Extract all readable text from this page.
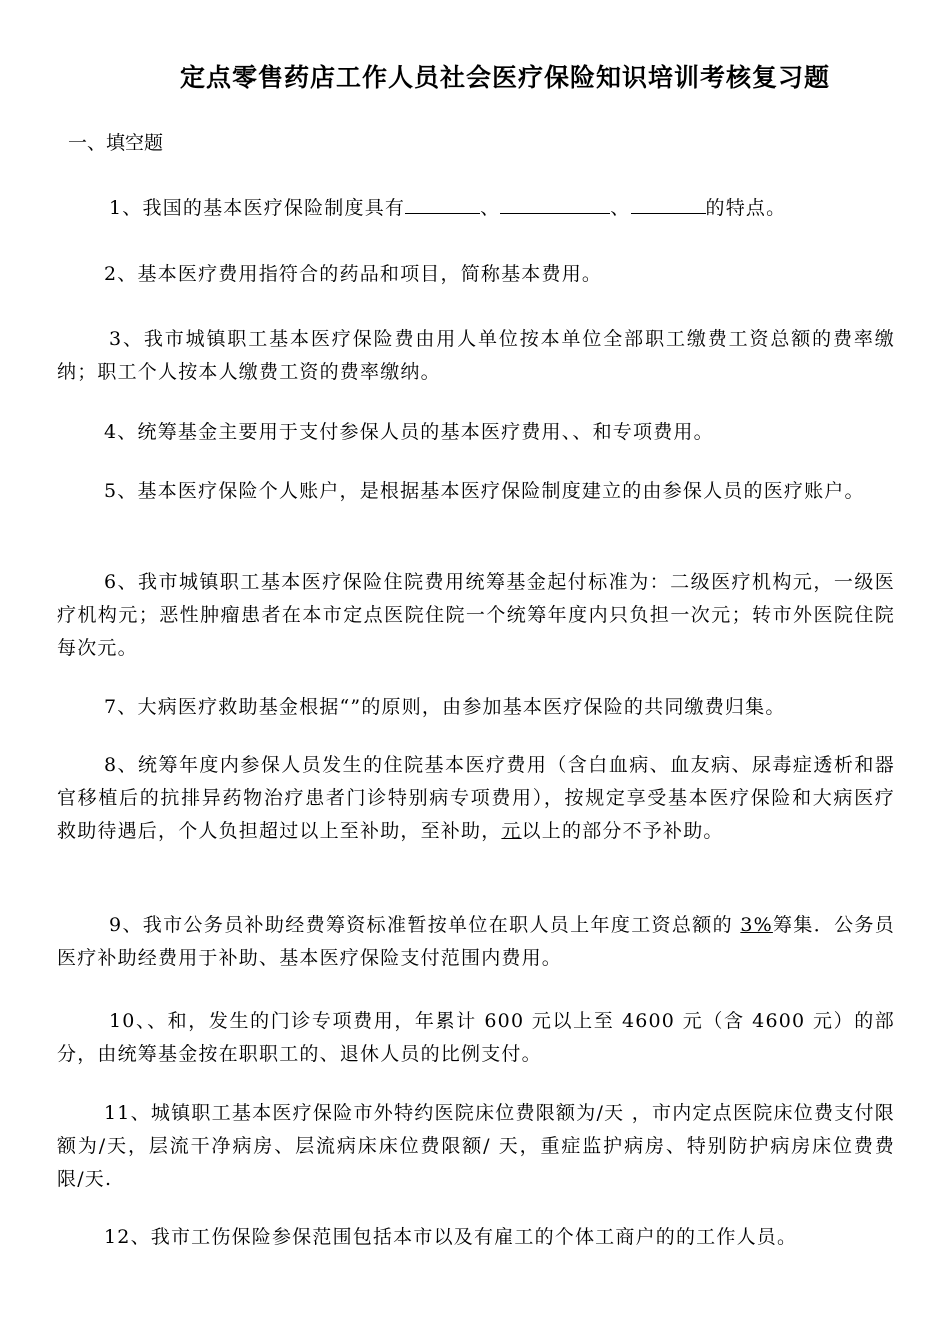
定点零售药店工作人员社会医疗保险知识培训考核复习题
一、填空题

1、我国的基本医疗保险制度具有	、	、	的特点。

2、基本医疗费用指符合的药品和项目，简称基本费用。

3、我市城镇职工基本医疗保险费由用人单位按本单位全部职工缴费工资总额的费率缴纳；职工个人按本人缴费工资的费率缴纳。

4、统筹基金主要用于支付参保人员的基本医疗费用、、和专项费用。

5、基本医疗保险个人账户，是根据基本医疗保险制度建立的由参保人员的医疗账户。

6、我市城镇职工基本医疗保险住院费用统筹基金起付标准为：二级医疗机构元，一级医疗机构元；恶性肿瘤患者在本市定点医院住院一个统筹年度内只负担一次元；转市外医院住院每次元。

7、大病医疗救助基金根据“”的原则，由参加基本医疗保险的共同缴费归集。

8、统筹年度内参保人员发生的住院基本医疗费用（含白血病、血友病、尿毒症透析和器官移植后的抗排异药物治疗患者门诊特别病专项费用），按规定享受基本医疗保险和大病医疗救助待遇后，个人负担超过以上至补助，至补助，元以上的部分不予补助。

9、我市公务员补助经费筹资标准暂按单位在职人员上年度工资总额的 3%筹集．公务员医疗补助经费用于补助、基本医疗保险支付范围内费用。

10、、和，发生的门诊专项费用，年累计 600 元以上至 4600 元（含 4600 元）的部分，由统筹基金按在职职工的、退休人员的比例支付。

11、城镇职工基本医疗保险市外特约医院床位费限额为/天 ，市内定点医院床位费支付限额为/天，层流干净病房、层流病床床位费限额/ 天，重症监护病房、特别防护病房床位费费限/天.

12、我市工伤保险参保范围包括本市以及有雇工的个体工商户的的工作人员。
